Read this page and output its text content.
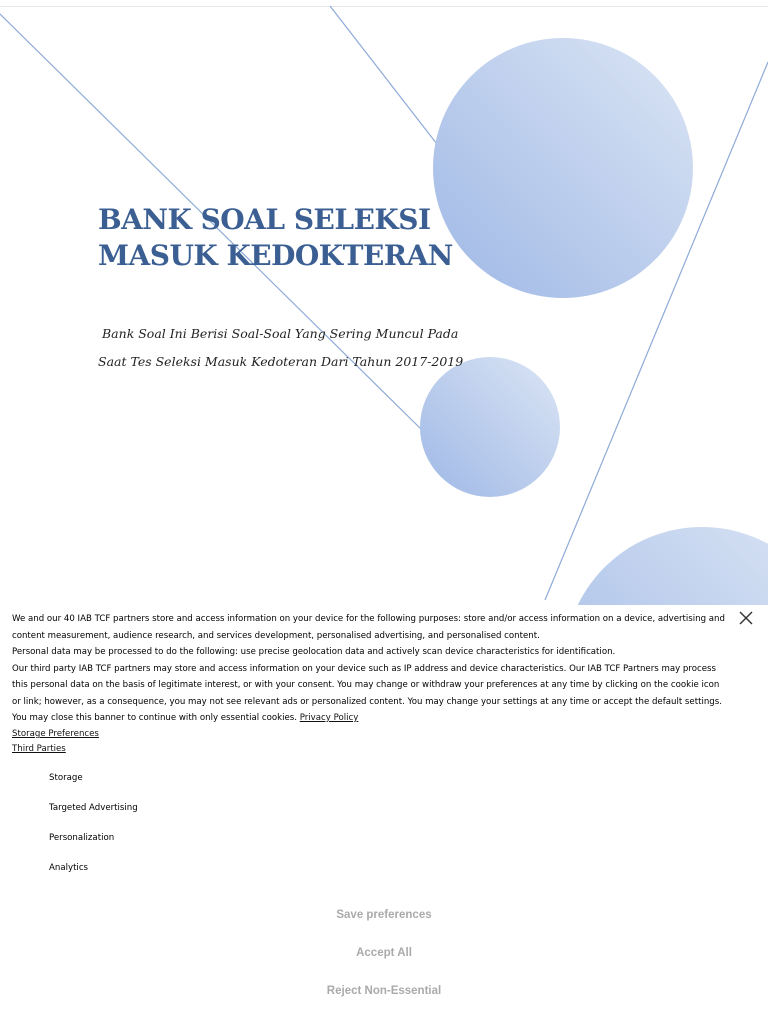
BANK SOAL SELEKSI
MASUK KEDOKTERAN
Bank Soal Ini Berisi Soal-Soal Yang Sering Muncul Pada
Saat Tes Seleksi Masuk Kedoteran Dari Tahun 2017-2019

We and our 40 IAB TCF partners store and access information on your device for the following purposes: store and/or access information on a device, advertising and content measurement, audience research, and services development, personalised advertising, and personalised content.

Personal data may be processed to do the following: use precise geolocation data and actively scan device characteristics for identification.

Our third party IAB TCF partners may store and access information on your device such as IP address and device characteristics. Our IAB TCF Partners may process this personal data on the basis of legitimate interest, or with your consent. You may change or withdraw your preferences at any time by clicking on the cookie icon or link; however, as a consequence, you may not see relevant ads or personalized content. You may change your settings at any time or accept the default settings. You may close this banner to continue with only essential cookies. Privacy Policy

Storage Preferences
Third Parties
Storage
Targeted Advertising
Personalization
Analytics
Save preferences
Accept All
Reject Non-Essential
